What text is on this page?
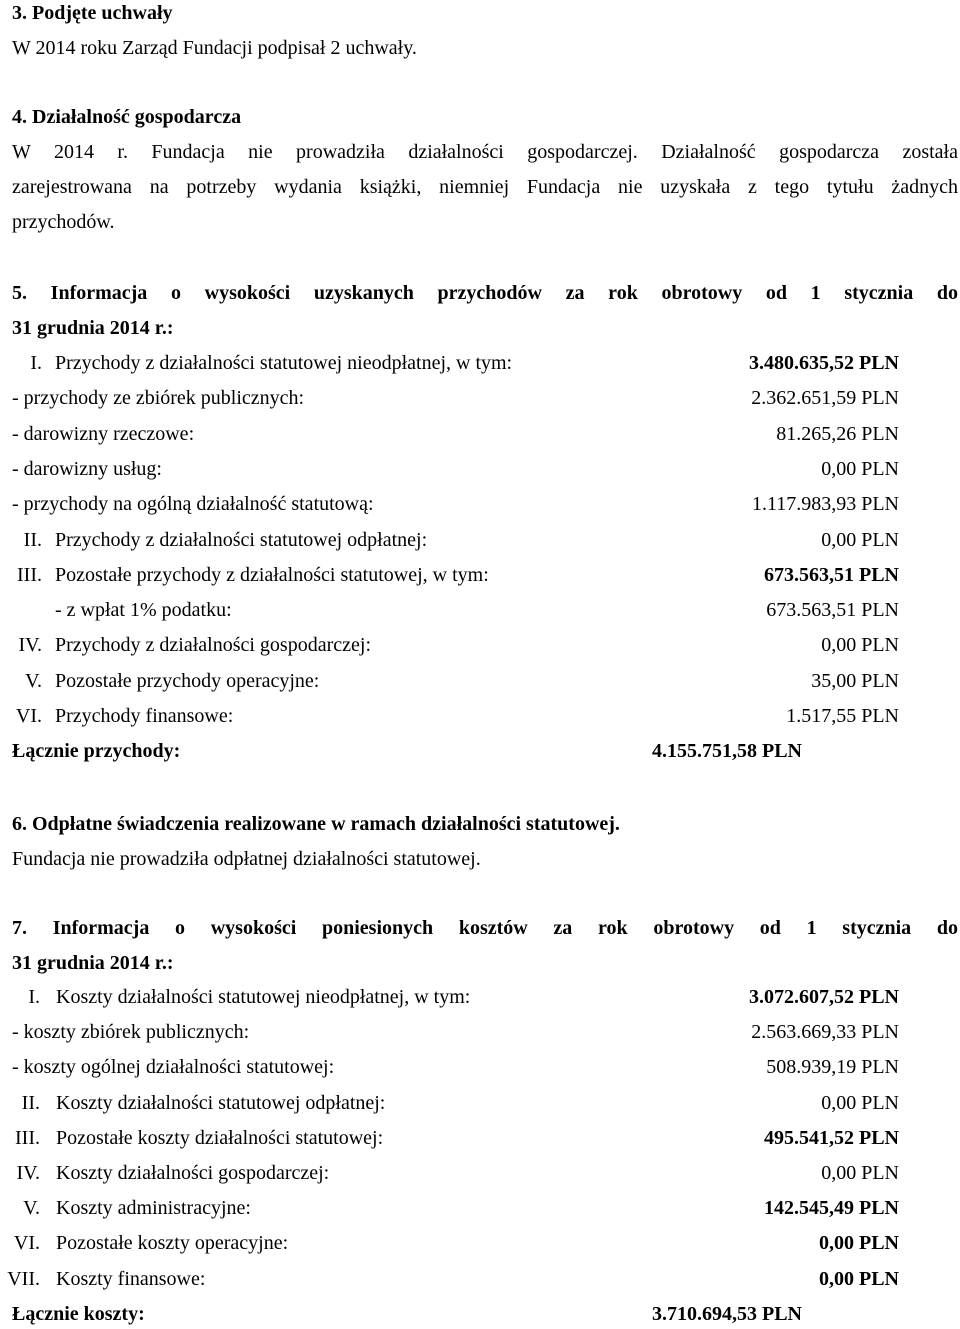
3. Podjęte uchwały
W 2014 roku Zarząd Fundacji podpisał 2 uchwały.
4. Działalność gospodarcza
W 2014 r. Fundacja nie prowadziła działalności gospodarczej. Działalność gospodarcza została
zarejestrowana na potrzeby wydania książki, niemniej Fundacja nie uzyskała z tego tytułu żadnych
przychodów.
5. Informacja o wysokości uzyskanych przychodów za rok obrotowy od 1 stycznia do
31 grudnia 2014 r.:
I. Przychody z działalności statutowej nieodpłatnej, w tym:	3.480.635,52 PLN
- przychody ze zbiórek publicznych:	2.362.651,59 PLN
- darowizny rzeczowe:	81.265,26 PLN
- darowizny usług:	0,00 PLN
- przychody na ogólną działalność statutową:	1.117.983,93 PLN
II. Przychody z działalności statutowej odpłatnej:	0,00 PLN
III. Pozostałe przychody z działalności statutowej, w tym:	673.563,51 PLN
- z wpłat 1% podatku:	673.563,51 PLN
IV. Przychody z działalności gospodarczej:	0,00 PLN
V. Pozostałe przychody operacyjne:	35,00 PLN
VI. Przychody finansowe:	1.517,55 PLN
Łącznie przychody:	4.155.751,58 PLN
6. Odpłatne świadczenia realizowane w ramach działalności statutowej.
Fundacja nie prowadziła odpłatnej działalności statutowej.
7. Informacja o wysokości poniesionych kosztów za rok obrotowy od 1 stycznia do
31 grudnia 2014 r.:
I. Koszty działalności statutowej nieodpłatnej, w tym:	3.072.607,52 PLN
- koszty zbiórek publicznych:	2.563.669,33 PLN
- koszty ogólnej działalności statutowej:	508.939,19 PLN
II. Koszty działalności statutowej odpłatnej:	0,00 PLN
III. Pozostałe koszty działalności statutowej:	495.541,52 PLN
IV. Koszty działalności gospodarczej:	0,00 PLN
V. Koszty administracyjne:	142.545,49 PLN
VI. Pozostałe koszty operacyjne:	0,00 PLN
VII. Koszty finansowe:	0,00 PLN
Łącznie koszty:	3.710.694,53 PLN
